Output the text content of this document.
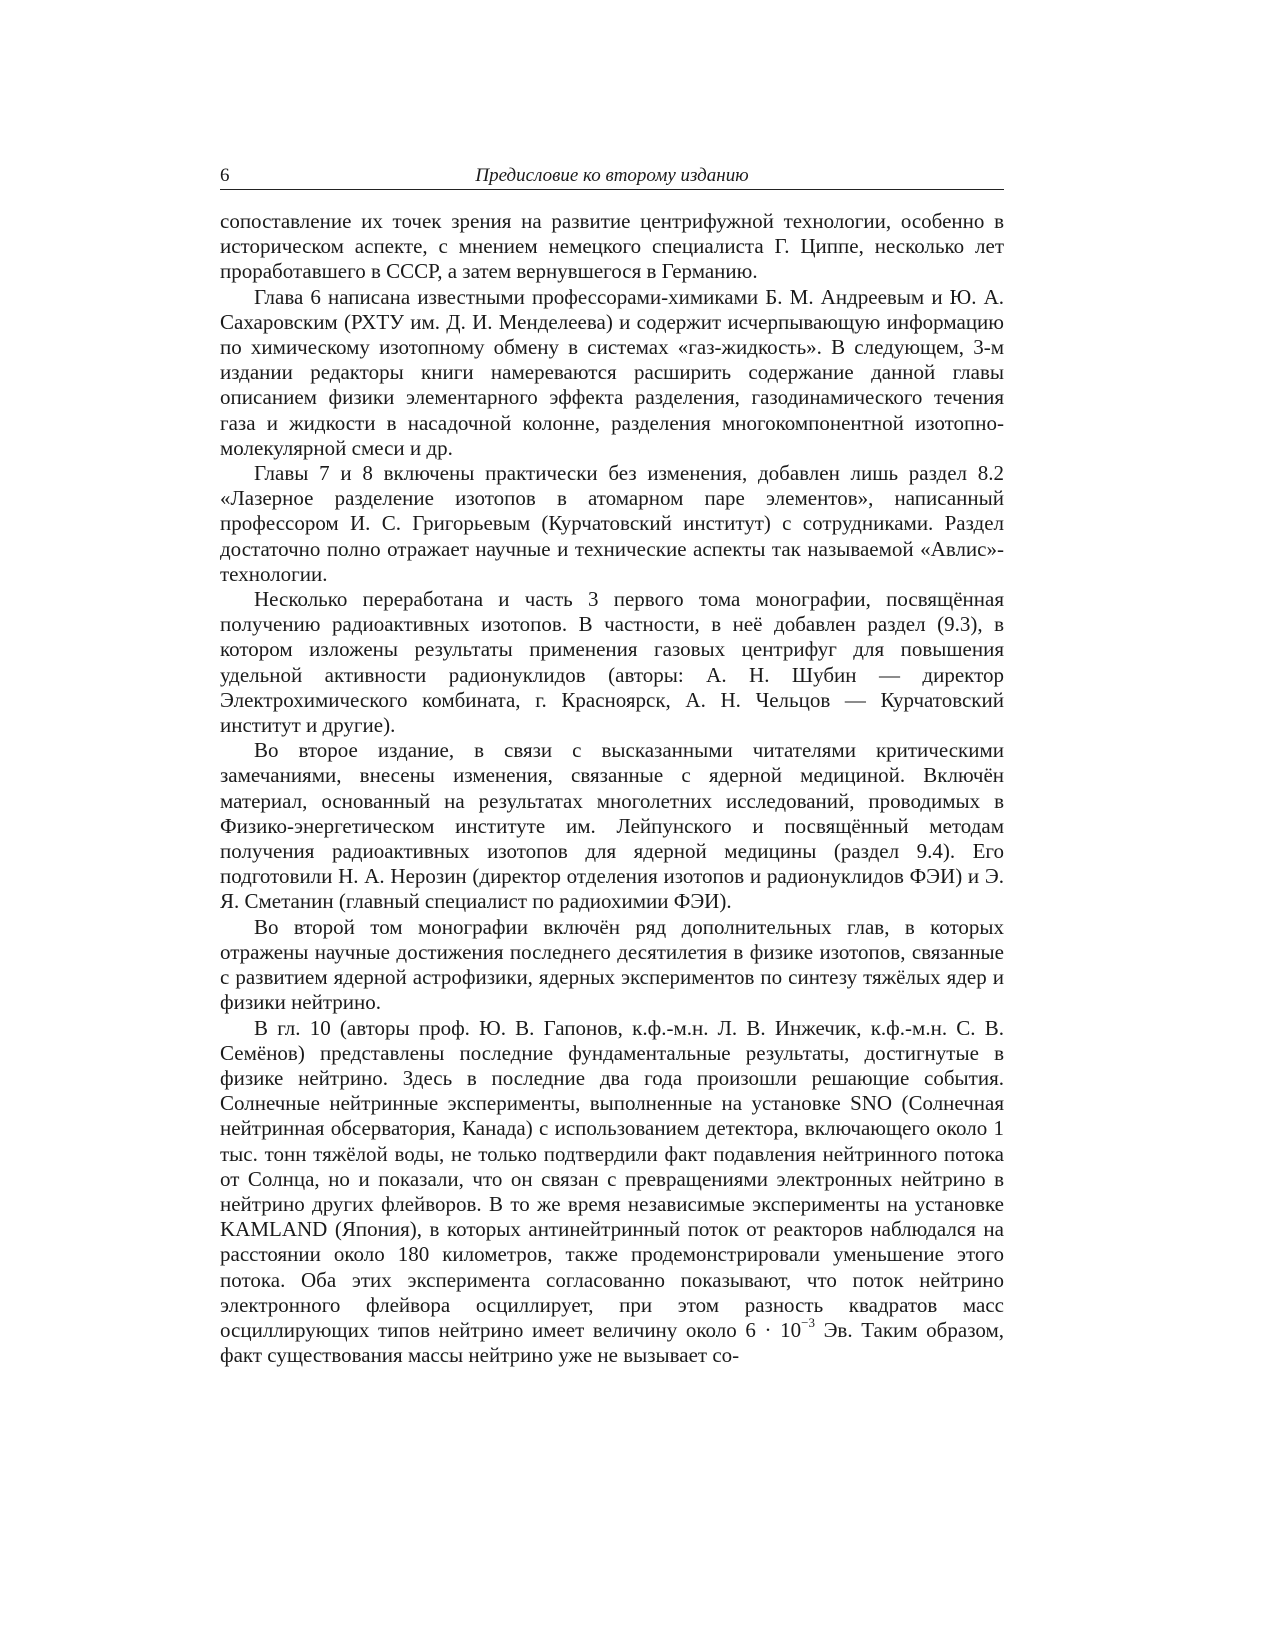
6	Предисловие ко второму изданию

сопоставление их точек зрения на развитие центрифужной технологии, особенно в историческом аспекте, с мнением немецкого специалиста Г. Циппе, несколько лет проработавшего в СССР, а затем вернувшегося в Германию.

Глава 6 написана известными профессорами-химиками Б. М. Андреевым и Ю. А. Сахаровским (РХТУ им. Д. И. Менделеева) и содержит исчерпывающую информацию по химическому изотопному обмену в системах «газ-жидкость». В следующем, 3-м издании редакторы книги намереваются расширить содержание данной главы описанием физики элементарного эффекта разделения, газодинамического течения газа и жидкости в насадочной колонне, разделения многокомпонентной изотопно-молекулярной смеси и др.

Главы 7 и 8 включены практически без изменения, добавлен лишь раздел 8.2 «Лазерное разделение изотопов в атомарном паре элементов», написанный профессором И. С. Григорьевым (Курчатовский институт) с сотрудниками. Раздел достаточно полно отражает научные и технические аспекты так называемой «Авлис»-технологии.

Несколько переработана и часть 3 первого тома монографии, посвящённая получению радиоактивных изотопов. В частности, в неё добавлен раздел (9.3), в котором изложены результаты применения газовых центрифуг для повышения удельной активности радионуклидов (авторы: А. Н. Шубин — директор Электрохимического комбината, г. Красноярск, А. Н. Чельцов — Курчатовский институт и другие).

Во второе издание, в связи с высказанными читателями критическими замечаниями, внесены изменения, связанные с ядерной медициной. Включён материал, основанный на результатах многолетних исследований, проводимых в Физико-энергетическом институте им. Лейпунского и посвящённый методам получения радиоактивных изотопов для ядерной медицины (раздел 9.4). Его подготовили Н. А. Нерозин (директор отделения изотопов и радионуклидов ФЭИ) и Э. Я. Сметанин (главный специалист по радиохимии ФЭИ).

Во второй том монографии включён ряд дополнительных глав, в которых отражены научные достижения последнего десятилетия в физике изотопов, связанные с развитием ядерной астрофизики, ядерных экспериментов по синтезу тяжёлых ядер и физики нейтрино.

В гл. 10 (авторы проф. Ю. В. Гапонов, к.ф.-м.н. Л. В. Инжечик, к.ф.-м.н. С. В. Семёнов) представлены последние фундаментальные результаты, достигнутые в физике нейтрино. Здесь в последние два года произошли решающие события. Солнечные нейтринные эксперименты, выполненные на установке SNO (Солнечная нейтринная обсерватория, Канада) с использованием детектора, включающего около 1 тыс. тонн тяжёлой воды, не только подтвердили факт подавления нейтринного потока от Солнца, но и показали, что он связан с превращениями электронных нейтрино в нейтрино других флейворов. В то же время независимые эксперименты на установке KAMLAND (Япония), в которых антинейтринный поток от реакторов наблюдался на расстоянии около 180 километров, также продемонстрировали уменьшение этого потока. Оба этих эксперимента согласованно показывают, что поток нейтрино электронного флейвора осциллирует, при этом разность квадратов масс осциллирующих типов нейтрино имеет величину около $6 \cdot 10^{-3}$ Эв. Таким образом, факт существования массы нейтрино уже не вызывает со-
